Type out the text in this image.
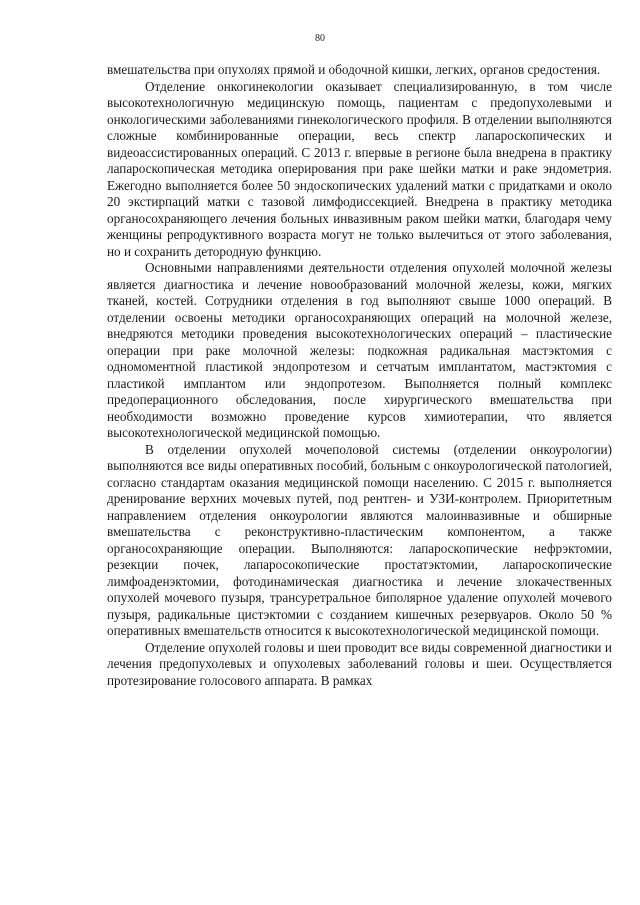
80

вмешательства при опухолях прямой и ободочной кишки, легких, органов средостения.

Отделение онкогинекологии оказывает специализированную, в том числе высокотехнологичную медицинскую помощь, пациентам с предопухолевыми и онкологическими заболеваниями гинекологического профиля. В отделении выполняются сложные комбинированные операции, весь спектр лапароскопических и видеоассистированных операций. С 2013 г. впервые в регионе была внедрена в практику лапароскопическая методика оперирования при раке шейки матки и раке эндометрия. Ежегодно выполняется более 50 эндоскопических удалений матки с придатками и около 20 экстирпаций матки с тазовой лимфодиссекцией. Внедрена в практику методика органосохраняющего лечения больных инвазивным раком шейки матки, благодаря чему женщины репродуктивного возраста могут не только вылечиться от этого заболевания, но и сохранить детородную функцию.

Основными направлениями деятельности отделения опухолей молочной железы является диагностика и лечение новообразований молочной железы, кожи, мягких тканей, костей. Сотрудники отделения в год выполняют свыше 1000 операций. В отделении освоены методики органосохраняющих операций на молочной железе, внедряются методики проведения высокотехнологических операций – пластические операции при раке молочной железы: подкожная радикальная мастэктомия с одномоментной пластикой эндопротезом и сетчатым имплантатом, мастэктомия с пластикой имплантом или эндопротезом. Выполняется полный комплекс предоперационного обследования, после хирургического вмешательства при необходимости возможно проведение курсов химиотерапии, что является высокотехнологической медицинской помощью.

В отделении опухолей мочеполовой системы (отделении онкоурологии) выполняются все виды оперативных пособий, больным с онкоурологической патологией, согласно стандартам оказания медицинской помощи населению. С 2015 г. выполняется дренирование верхних мочевых путей, под рентген- и УЗИ-контролем. Приоритетным направлением отделения онкоурологии являются малоинвазивные и обширные вмешательства с реконструктивно-пластическим компонентом, а также органосохраняющие операции. Выполняются: лапароскопические нефрэктомии, резекции почек, лапаросокопические простатэктомии, лапароскопические лимфоаденэктомии, фотодинамическая диагностика и лечение злокачественных опухолей мочевого пузыря, трансуретральное биполярное удаление опухолей мочевого пузыря, радикальные цистэктомии с созданием кишечных резервуаров. Около 50 % оперативных вмешательств относится к высокотехнологической медицинской помощи.

Отделение опухолей головы и шеи проводит все виды современной диагностики и лечения предопухолевых и опухолевых заболеваний головы и шеи. Осуществляется протезирование голосового аппарата. В рамках
